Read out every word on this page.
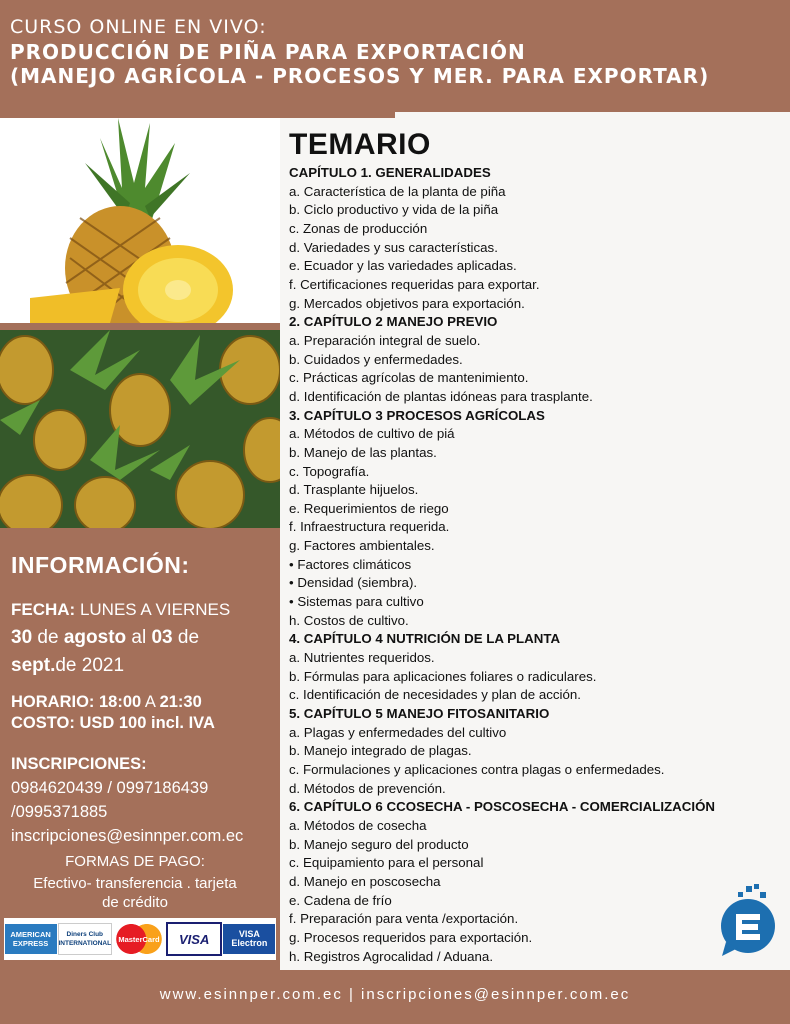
CURSO ONLINE EN VIVO:

PRODUCCIÓN DE PIÑA PARA EXPORTACIÓN

(MANEJO AGRÍCOLA - PROCESOS Y MER. PARA EXPORTAR)

INFORMACIÓN:
FECHA: LUNES A VIERNES
30 de agosto al 03 de
sept.de 2021
HORARIO: 18:00 A 21:30
COSTO: USD 100 incl. IVA
INSCRIPCIONES:
0984620439 / 0997186439
/0995371885
inscripciones@esinnper.com.ec
FORMAS DE PAGO:
Efectivo- transferencia . tarjeta
de crédito
AMERICAN EXPRESS
Diners Club INTERNATIONAL MasterCard	VISA	VISA Electron
TEMARIO
CAPÍTULO 1. GENERALIDADES
a. Característica de la planta de piña
b. Ciclo productivo y vida de la piña
c. Zonas de producción
d. Variedades y sus características.
e. Ecuador y las variedades aplicadas.
f. Certificaciones requeridas para exportar.
g. Mercados objetivos para exportación.
2. CAPÍTULO 2 MANEJO PREVIO
a. Preparación integral de suelo.
b. Cuidados y enfermedades.
c. Prácticas agrícolas de mantenimiento.
d. Identificación de plantas idóneas para trasplante.
3. CAPÍTULO 3 PROCESOS AGRÍCOLAS
a. Métodos de cultivo de piá
b. Manejo de las plantas.
c. Topografía.
d. Trasplante hijuelos.
e. Requerimientos de riego
f. Infraestructura requerida.
g. Factores ambientales.
• Factores climáticos
• Densidad (siembra).
• Sistemas para cultivo
h. Costos de cultivo.
4. CAPÍTULO 4 NUTRICIÓN DE LA PLANTA
a. Nutrientes requeridos.
b. Fórmulas para aplicaciones foliares o radiculares.
c. Identificación de necesidades y plan de acción.
5. CAPÍTULO 5 MANEJO FITOSANITARIO
a. Plagas y enfermedades del cultivo
b. Manejo integrado de plagas.
c. Formulaciones y aplicaciones contra plagas o enfermedades.
d. Métodos de prevención.
6. CAPÍTULO 6 CCOSECHA - POSCOSECHA - COMERCIALIZACIÓN
a. Métodos de cosecha
b. Manejo seguro del producto
c. Equipamiento para el personal
d. Manejo en poscosecha
e. Cadena de frío
f. Preparación para venta /exportación.
g. Procesos requeridos para exportación.
h. Registros Agrocalidad / Aduana.
www.esinnper.com.ec | inscripciones@esinnper.com.ec
